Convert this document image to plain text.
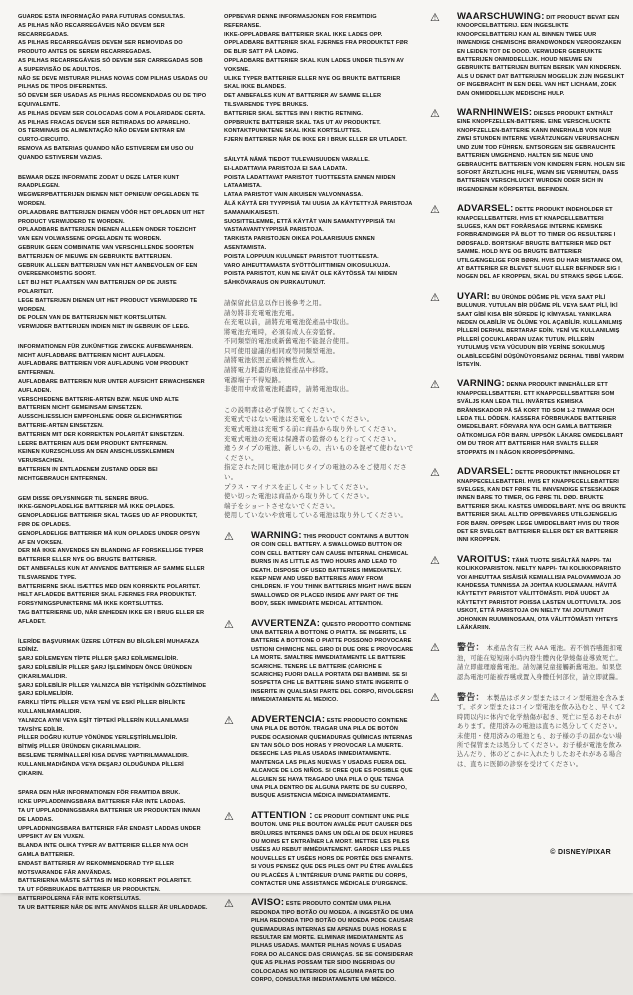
GUARDE ESTA INFORMAÇÃO PARA FUTURAS CONSULTAS.
AS PILHAS NÃO RECARREGÁVEIS NÃO DEVEM SER RECARREGADAS.
AS PILHAS RECARREGÁVEIS DEVEM SER REMOVIDAS DO PRODUTO ANTES DE SEREM RECARREGADAS.
AS PILHAS RECARREGÁVEIS SÓ DEVEM SER CARREGADAS SOB A SUPERVISÃO DE ADULTOS.
NÃO SE DEVE MISTURAR PILHAS NOVAS COM PILHAS USADAS OU PILHAS DE TIPOS DIFERENTES.
SÓ DEVEM SER USADAS AS PILHAS RECOMENDADAS OU DE TIPO EQUIVALENTE.
AS PILHAS DEVEM SER COLOCADAS COM A POLARIDADE CERTA.
AS PILHAS FRACAS DEVEM SER RETIRADAS DO APARELHO.
OS TERMINAIS DE ALIMENTAÇÃO NÃO DEVEM ENTRAR EM CURTO-CIRCUITO.
REMOVA AS BATERIAS QUANDO NÃO ESTIVEREM EM USO OU QUANDO ESTIVEREM VAZIAS.
BEWAAR DEZE INFORMATIE ZODAT U DEZE LATER KUNT RAADPLEGEN.
WEGWERPBATTERIJEN DIENEN NIET OPNIEUW OPGELADEN TE WORDEN.
OPLAADBARE BATTERIJEN DIENEN VÓÓR HET OPLADEN UIT HET PRODUCT VERWIJDERD TE WORDEN.
OPLAADBARE BATTERIJEN DIENEN ALLEEN ONDER TOEZICHT VAN EEN VOLWASSENE OPGELADEN TE WORDEN.
GEBRUIK GEEN COMBINATIE VAN VERSCHILLENDE SOORTEN BATTERIJEN OF NIEUWE EN GEBRUIKTE BATTERIJEN.
GEBRUIK ALLEEN BATTERIJEN VAN HET AANBEVOLEN OF EEN OVEREENKOMSTIG SOORT.
LET BIJ HET PLAATSEN VAN BATTERIJEN OP DE JUISTE POLARITEIT.
LEGE BATTERIJEN DIENEN UIT HET PRODUCT VERWIJDERD TE WORDEN.
DE POLEN VAN DE BATTERIJEN NIET KORTSLUITEN.
VERWIJDER BATTERIJEN INDIEN NIET IN GEBRUIK OF LEEG.
INFORMATIONEN FÜR ZUKÜNFTIGE ZWECKE AUFBEWAHREN.
NICHT AUFLADBARE BATTERIEN NICHT AUFLADEN.
AUFLADBARE BATTERIEN VOR AUFLADUNG VOM PRODUKT ENTFERNEN.
AUFLADBARE BATTERIEN NUR UNTER AUFSICHT ERWACHSENER AUFLADEN.
VERSCHIEDENE BATTERIE-ARTEN BZW. NEUE UND ALTE BATTERIEN NICHT GEMEINSAM EINSETZEN.
AUSSCHLIESSLICH EMPFOHLENE ODER GLEICHWERTIGE BATTERIE-ARTEN EINSETZEN.
BATTERIEN MIT DER KORREKTEN POLARITÄT EINSETZEN.
LEERE BATTERIEN AUS DEM PRODUKT ENTFERNEN.
KEINEN KURZSCHLUSS AN DEN ANSCHLUSSKLEMMEN VERURSACHEN.
BATTERIEN IN ENTLADENEM ZUSTAND ODER BEI NICHTGEBRAUCH ENTFERNEN.
GEM DISSE OPLYSNINGER TIL SENERE BRUG.
IKKE-GENOPLADELIGE BATTERIER MÅ IKKE OPLADES.
GENOPLADELIGE BATTERIER SKAL TAGES UD AF PRODUKTET, FØR DE OPLADES.
GENOPLADELIGE BATTERIER MÅ KUN OPLADES UNDER OPSYN AF EN VOKSEN.
DER MÅ IKKE ANVENDES EN BLANDING AF FORSKELLIGE TYPER BATTERIER ELLER NYE OG BRUGTE BATTERIER.
DET ANBEFALES KUN AT ANVENDE BATTERIER AF SAMME ELLER TILSVARENDE TYPE.
BATTERIERNE SKAL ISÆTTES MED DEN KORREKTE POLARITET.
HELT AFLADEDE BATTERIER SKAL FJERNES FRA PRODUKTET.
FORSYNINGSPUNKTERNE MÅ IKKE KORTSLUTTES.
TAG BATTERIERNE UD, NÅR ENHEDEN IKKE ER I BRUG ELLER ER AFLADET.
İLERİDE BAŞVURMAK ÜZERE LÜTFEN BU BİLGİLERİ MUHAFAZA EDİNİZ.
ŞARJ EDİLEMEYEN TİPTE PİLLER ŞARJ EDİLMEMELİDİR.
ŞARJ EDİLEBİLİR PİLLER ŞARJ İŞLEMİNDEN ÖNCE ÜRÜNDEN ÇIKARILMALIDIR.
ŞARJ EDİLEBİLİR PİLLER YALNIZCA BİR YETİŞKİNİN GÖZETİMİNDE ŞARJ EDİLMELİDİR.
FARKLI TİPTE PİLLER VEYA YENİ VE ESKİ PİLLER BİRLİKTE KULLANILMAMALIDIR.
YALNIZCA AYNI VEYA EŞİT TİPTEKİ PİLLERİN KULLANILMASI TAVSİYE EDİLİR.
PİLLER DOĞRU KUTUP YÖNÜNDE YERLEŞTİRİLMELİDİR.
BİTMİŞ PİLLER ÜRÜNDEN ÇIKARILMALIDIR.
BESLEME TERMİNALLERİ KISA DEVRE YAPTIRILMAMALIDIR.
KULLANILMADIĞINDA VEYA DEŞARJ OLDUĞUNDA PİLLERİ ÇIKARIN.
SPARA DEN HÄR INFORMATIONEN FÖR FRAMTIDA BRUK.
ICKE UPPLADDNINGSBARA BATTERIER FÅR INTE LADDAS.
TA UT UPPLADDNINGSBARA BATTERIER UR PRODUKTEN INNAN DE LADDAS.
UPPLADDNINGSBARA BATTERIER FÅR ENDAST LADDAS UNDER UPPSIKT AV EN VUXEN.
BLANDA INTE OLIKA TYPER AV BATTERIER ELLER NYA OCH GAMLA BATTERIER.
ENDAST BATTERIER AV REKOMMENDERAD TYP ELLER MOTSVARANDE FÅR ANVÄNDAS.
BATTERIERNA MÅSTE SÄTTAS IN MED KORREKT POLARITET.
TA UT FÖRBRUKADE BATTERIER UR PRODUKTEN.
BATTERIPOLERNA FÅR INTE KORTSLUTAS.
TA UR BATTERIER NÄR DE INTE ANVÄNDS ELLER ÄR URLADDADE.
OPPBEVAR DENNE INFORMASJONEN FOR FREMTIDIG REFERANSE.
IKKE-OPPLADBARE BATTERIER SKAL IKKE LADES OPP.
OPPLADBARE BATTERIER SKAL FJERNES FRA PRODUKTET FØR DE BLIR SATT PÅ LADING.
OPPLADBARE BATTERIER SKAL KUN LADES UNDER TILSYN AV VOKSNE.
ULIKE TYPER BATTERIER ELLER NYE OG BRUKTE BATTERIER SKAL IKKE BLANDES.
DET ANBEFALES KUN AT BATTERIER AV SAMME ELLER TILSVARENDE TYPE BRUKES.
BATTERIER SKAL SETTES INN I RIKTIG RETNING.
OPPBRUKTE BATTERIER SKAL TAS UT AV PRODUKTET.
KONTAKTPUNKTENE SKAL IKKE KORTSLUTTES.
FJERN BATTERIER NÅR DE IKKE ER I BRUK ELLER ER UTLADET.
SÄILYTÄ NÄMÄ TIEDOT TULEVAISUUDEN VARALLE.
EI-LADATTAVIA PARISTOJA EI SAA LADATA.
POISTA LADATTAVAT PARISTOT TUOTTEESTA ENNEN NIIDEN LATAAMISTA.
LATAA PARISTOT VAIN AIKUISEN VALVONNASSA.
ÄLÄ KÄYTÄ ERI TYYPPISIÄ TAI UUSIA JA KÄYTETTYJÄ PARISTOJA SAMANAIKAISESTI.
SUOSITTELEMME, ETTÄ KÄYTÄT VAIN SAMANTYYPPISIÄ TAI VASTAAVANTYYPPISIÄ PARISTOJA.
TARKISTA PARISTOJEN OIKEA POLAARISUUS ENNEN ASENTAMISTA.
POISTA LOPPUUN KULUNEET PARISTOT TUOTTEESTA.
VARO AIHEUTTAMASTA SYÖTTÖLIITTIMIEN OIKOSULKUJA.
POISTA PARISTOT, KUN NE EIVÄT OLE KÄYTÖSSÄ TAI NIIDEN SÄHKÖVARAUS ON PURKAUTUNUT.
請保留此信息以作日後參考之用。
請勿將非充電電池充電。
在充電以前，請將充電電池從產品中取出。
將電池充電時，必須有成人在旁監督。
不同類型的電池或新舊電池不能混合使用。
只可使用建議的相同或等同類型電池。
請將電池依照正確的極性放入。
請將電力耗盡的電池從產品中移除。
電源端子不得短路。
非使用中或當電池耗盡時，請將電池取出。
この説明書は必ず保管してください。
充電式ではない電池は充電をしないでください。
充電式電池は充電する前に商品から取り外してください。
充電式電池の充電は保護者の監督のもと行ってください。
違うタイプの電池、新しいもの、古いものを混ぜて使わないでください。
指定された同じ電池か同じタイプの電池のみをご使用ください。
プラス・マイナスを正しくセットしてください。
使い切った電池は商品から取り外してください。
端子をショートさせないでください。
使用していないや放電している電池は取り外してください。
⚠ WARNING: THIS PRODUCT CONTAINS A BUTTON OR COIN CELL BATTERY. A SWALLOWED BUTTON OR COIN CELL BATTERY CAN CAUSE INTERNAL CHEMICAL BURNS IN AS LITTLE AS TWO HOURS AND LEAD TO DEATH. DISPOSE OF USED BATTERIES IMMEDIATELY. KEEP NEW AND USED BATTERIES AWAY FROM CHILDREN. IF YOU THINK BATTERIES MIGHT HAVE BEEN SWALLOWED OR PLACED INSIDE ANY PART OF THE BODY, SEEK IMMEDIATE MEDICAL ATTENTION.

⚠ AVVERTENZA: QUESTO PRODOTTO CONTIENE UNA BATTERIA A BOTTONE O PIATTA. SE INGERITE, LE BATTERIE A BOTTONE O PIATTE POSSONO PROVOCARE USTIONI CHIMICHE NEL GIRO DI DUE ORE E PROVOCARE LA MORTE. SMALTIRE IMMEDIATAMENTE LE BATTERIE SCARICHE. TENERE LE BATTERIE (CARICHE E SCARICHE) FUORI DALLA PORTATA DEI BAMBINI. SE SI SOSPETTA CHE LE BATTERIE SIANO STATE INGERITE O INSERITE IN QUALSIASI PARTE DEL CORPO, RIVOLGERSI IMMEDIATAMENTE AL MEDICO.

⚠ ADVERTENCIA: ESTE PRODUCTO CONTIENE UNA PILA DE BOTÓN. TRAGAR UNA PILA DE BOTÓN PUEDE OCASIONAR QUEMADURAS QUÍMICAS INTERNAS EN TAN SÓLO DOS HORAS Y PROVOCAR LA MUERTE. DESECHE LAS PILAS USADAS INMEDIATAMENTE. MANTENGA LAS PILAS NUEVAS Y USADAS FUERA DEL ALCANCE DE LOS NIÑOS. SI CREE QUE ES POSIBLE QUE ALGUIEN SE HAYA TRAGADO UNA PILA O QUE TENGA UNA PILA DENTRO DE ALGUNA PARTE DE SU CUERPO, BUSQUE ASISTENCIA MÉDICA INMEDIATAMENTE.

⚠ ATTENTION : CE PRODUIT CONTIENT UNE PILE BOUTON. UNE PILE BOUTON AVALÉE PEUT CAUSER DES BRÛLURES INTERNES DANS UN DÉLAI DE DEUX HEURES OU MOINS ET ENTRAÎNER LA MORT. METTRE LES PILES USÉES AU REBUT IMMÉDIATEMENT. GARDER LES PILES NOUVELLES ET USÉES HORS DE PORTÉE DES ENFANTS. SI VOUS PENSEZ QUE DES PILES ONT PU ÊTRE AVALÉES OU PLACÉES À L'INTÉRIEUR D'UNE PARTIE DU CORPS, CONTACTER UNE ASSISTANCE MÉDICALE D'URGENCE.

⚠ AVISO: ESTE PRODUTO CONTÉM UMA PILHA REDONDA TIPO BOTÃO OU MOEDA. A INGESTÃO DE UMA PILHA REDONDA TIPO BOTÃO OU MOEDA PODE CAUSAR QUEIMADURAS INTERNAS EM APENAS DUAS HORAS E RESULTAR EM MORTE. ELIMINAR IMEDIATAMENTE AS PILHAS USADAS. MANTER PILHAS NOVAS E USADAS FORA DO ALCANCE DAS CRIANÇAS. SE SE CONSIDERAR QUE AS PILHAS POSSAM TER SIDO INGERIDAS OU COLOCADAS NO INTERIOR DE ALGUMA PARTE DO CORPO, CONSULTAR IMEDIATAMENTE UM MÉDICO.

⚠ WAARSCHUWING: DIT PRODUCT BEVAT EEN KNOOPCELBATTERIJ. EEN INGESLIKTE KNOOPCELBATTERIJ KAN AL BINNEN TWEE UUR INWENDIGE CHEMISCHE BRANDWONDEN VEROORZAKEN EN LEIDEN TOT DE DOOD. VERWIJDER GEBRUIKTE BATTERIJEN ONMIDDELLIJK. HOUD NIEUWE EN GEBRUIKTE BATTERIJEN BUITEN BEREIK VAN KINDEREN. ALS U DENKT DAT BATTERIJEN MOGELIJK ZIJN INGESLIKT OF INGEBRACHT IN EEN DEEL VAN HET LICHAAM, ZOEK DAN ONMIDDELLIJK MEDISCHE HULP.

⚠ WARNHINWEIS: DIESES PRODUKT ENTHÄLT EINE KNOPFZELLEN-BATTERIE. EINE VERSCHLUCKTE KNOPFZELLEN-BATTERIE KANN INNERHALB VON NUR ZWEI STUNDEN INTERNE VERÄTZUNGEN VERURSACHEN UND ZUM TOD FÜHREN. ENTSORGEN SIE GEBRAUCHTE BATTERIEN UMGEHEND. HALTEN SIE NEUE UND GEBRAUCHTE BATTERIEN VON KINDERN FERN. HOLEN SIE SOFORT ÄRZTLICHE HILFE, WENN SIE VERMUTEN, DASS BATTERIEN VERSCHLUCKT WURDEN ODER SICH IN IRGENDEINEM KÖRPERTEIL BEFINDEN.

⚠ ADVARSEL: DETTE PRODUKT INDEHOLDER ET KNAPCELLEBATTERI. HVIS ET KNAPCELLEBATTERI SLUGES, KAN DET FORÅRSAGE INTERNE KEMISKE FORBRÆNDINGER PÅ BLOT TO TIMER OG RESULTERE I DØDSFALD. BORTSKAF BRUGTE BATTERIER MED DET SAMME. HOLD NYE OG BRUGTE BATTERIER UTILGÆNGELIGE FOR BØRN. HVIS DU HAR MISTANKE OM, AT BATTERIER ER BLEVET SLUGT ELLER BEFINDER SIG I NOGEN DEL AF KROPPEN, SKAL DU STRAKS SØGE LÆGE.

⚠ UYARI: BU ÜRÜNDE DÜĞME PİL VEYA SAAT PİLİ BULUNUR. YUTULAN BİR DÜĞME PİL VEYA SAAT PİLİ, İKİ SAAT GİBİ KISA BİR SÜREDE İÇ KİMYASAL YANIKLARA NEDEN OLABİLİR VE ÖLÜME YOL AÇABİLİR. KULLANILMIŞ PİLLERİ DERHAL BERTARAF EDİN. YENİ VE KULLANILMIŞ PİLLERİ ÇOCUKLARDAN UZAK TUTUN. PİLLERİN YUTULMUŞ VEYA VÜCUDUN BİR YERİNE SOKULMUŞ OLABİLECEĞİNİ DÜŞÜNÜYORSANIZ DERHAL TIBBİ YARDIM İSTEYİN.

⚠ VARNING: DENNA PRODUKT INNEHÅLLER ETT KNAPPCELLSBATTERI. ETT KNAPPCELLSBATTERI SOM SVÄLJS KAN LEDA TILL INVÄRTES KEMISKA BRÄNNSKADOR PÅ SÅ KORT TID SOM 1-2 TIMMAR OCH LEDA TILL DÖDEN. KASSERA FÖRBRUKADE BATTERIER OMEDELBART. FÖRVARA NYA OCH GAMLA BATTERIER OÅTKOMLIGA FÖR BARN. UPPSÖK LÄKARE OMEDELBART OM DU TROR ATT BATTERIER HAR SVALTS ELLER STOPPATS IN I NÅGON KROPPSÖPPNING.

⚠ ADVARSEL: DETTE PRODUKTET INNEHOLDER ET KNAPPECELLEBATTERI. HVIS ET KNAPPECELLEBATTERI SVELGES, KAN DET FØRE TIL INNVENDIGE ETSESKADER INNEN BARE TO TIMER, OG FØRE TIL DØD. BRUKTE BATTERIER SKAL KASTES UMIDDELBART. NYE OG BRUKTE BATTERIER SKAL ALLTID OPPBEVARES UTILGJENGELIG FOR BARN. OPPSØK LEGE UMIDDELBART HVIS DU TROR DET ER SVELGET BATTERIER ELLER DET ER BATTERIER INNI KROPPEN.

⚠ VAROITUS: TÄMÄ TUOTE SISÄLTÄÄ NAPPI- TAI KOLIKKOPARISTON. NIELTY NAPPI- TAI KOLIKKOPARISTO VOI AIHEUTTAA SISÄISIÄ KEMIALLISIA PALOVAMMOJA JO KAHDESSA TUNNISSA JA JOHTAA KUOLEMAAN. HÄVITÄ KÄYTETYT PARISTOT VÄLITTÖMÄSTI. PIDÄ UUDET JA KÄYTETYT PARISTOT POISSA LASTEN ULOTTUVILTA. JOS USKOT, ETTÄ PARISTOJA ON NIELTY TAI JOUTUNUT JOHONKIN RUUMIINOSAAN, OTA VÄLITTÖMÄSTI YHTEYS LÄÄKÄRIIN.

⚠ 警告： 本產品含有三枚 AAA 電池。若不慎吞嚥鈕扣電池，可能在短短兩小時內發生體內化學燒傷並導致死亡。請立即處理廢舊電池。請勿讓兒童接觸新舊電池。如果您認為電池可能被吞嚥或置入身體任何部位，請立即就醫。

⚠ 警告： 本製品はボタン型またはコイン型電池を含みます。ボタン型またはコイン型電池を飲み込むと、早くて2時間以内に体内で化学熱傷が起き、死亡に至るおそれがあります。使用済みの電池は直ちに処分してください。未使用・使用済みの電池とも、お子様の手の届かない場所で保管または処分してください。お子様が電池を飲み込んだり、体のどこかに入れたりしたおそれがある場合は、直ちに医師の診察を受けてください。

© DISNEY/PIXAR
